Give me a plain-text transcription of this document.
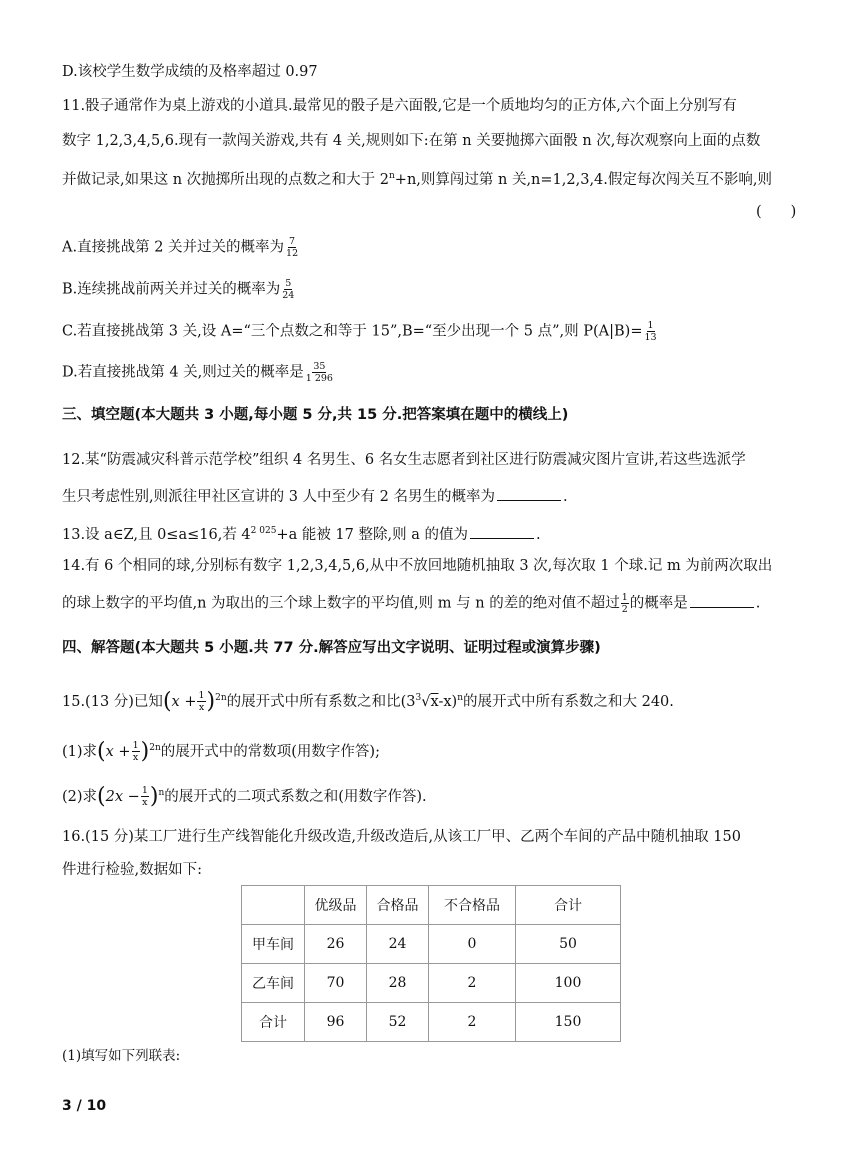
D.该校学生数学成绩的及格率超过 0.97
11.骰子通常作为桌上游戏的小道具.最常见的骰子是六面骰,它是一个质地均匀的正方体,六个面上分别写有
数字 1,2,3,4,5,6.现有一款闯关游戏,共有 4 关,规则如下:在第 n 关要抛掷六面骰 n 次,每次观察向上面的点数
并做记录,如果这 n 次抛掷所出现的点数之和大于 $2^n+n$,则算闯过第 n 关,n=1,2,3,4.假定每次闯关互不影响,则
(　　)
A.直接挑战第 2 关并过关的概率为 $\frac{7}{12}$
B.连续挑战前两关并过关的概率为 $\frac{5}{24}$
C.若直接挑战第 3 关,设 A=“三个点数之和等于 15”,B=“至少出现一个 5 点”,则 $P(A|B)= \frac{1}{13}$
D.若直接挑战第 4 关,则过关的概率是 $\frac{35}{1 296}$
三、填空题(本大题共 3 小题,每小题 5 分,共 15 分.把答案填在题中的横线上)
12.某“防震减灾科普示范学校”组织 4 名男生、6 名女生志愿者到社区进行防震减灾图片宣讲,若这些选派学
生只考虑性别,则派往甲社区宣讲的 3 人中至少有 2 名男生的概率为	.
13.设 a∈Z,且 0≤a≤16,若 $4^{2 025}+a$ 能被 17 整除,则 a 的值为	.
14.有 6 个相同的球,分别标有数字 1,2,3,4,5,6,从中不放回地随机抽取 3 次,每次取 1 个球.记 m 为前两次取出
的球上数字的平均值,n 为取出的三个球上数字的平均值,则 m 与 n 的差的绝对值不超过 $\frac{1}{2}$ 的概率是	.
四、解答题(本大题共 5 小题.共 77 分.解答应写出文字说明、证明过程或演算步骤)
15.(13 分)已知$(x + \frac{1}{x} )^{2n}$的展开式中所有系数之和比$(3^3√x-x)^n$的展开式中所有系数之和大 240.
(1)求$(x + \frac{1}{x} )^{2n}$的展开式中的常数项(用数字作答);
(2)求$(2x - \frac{1}{x} )^n$的展开式的二项式系数之和(用数字作答).
16.(15 分)某工厂进行生产线智能化升级改造,升级改造后,从该工厂甲、乙两个车间的产品中随机抽取 150
件进行检验,数据如下:
	优级品	合格品	不合格品	合计
甲车间	26	24	0	50
乙车间	70	28	2	100
合计	96	52	2	150
(1)填写如下列联表:
3 / 10
